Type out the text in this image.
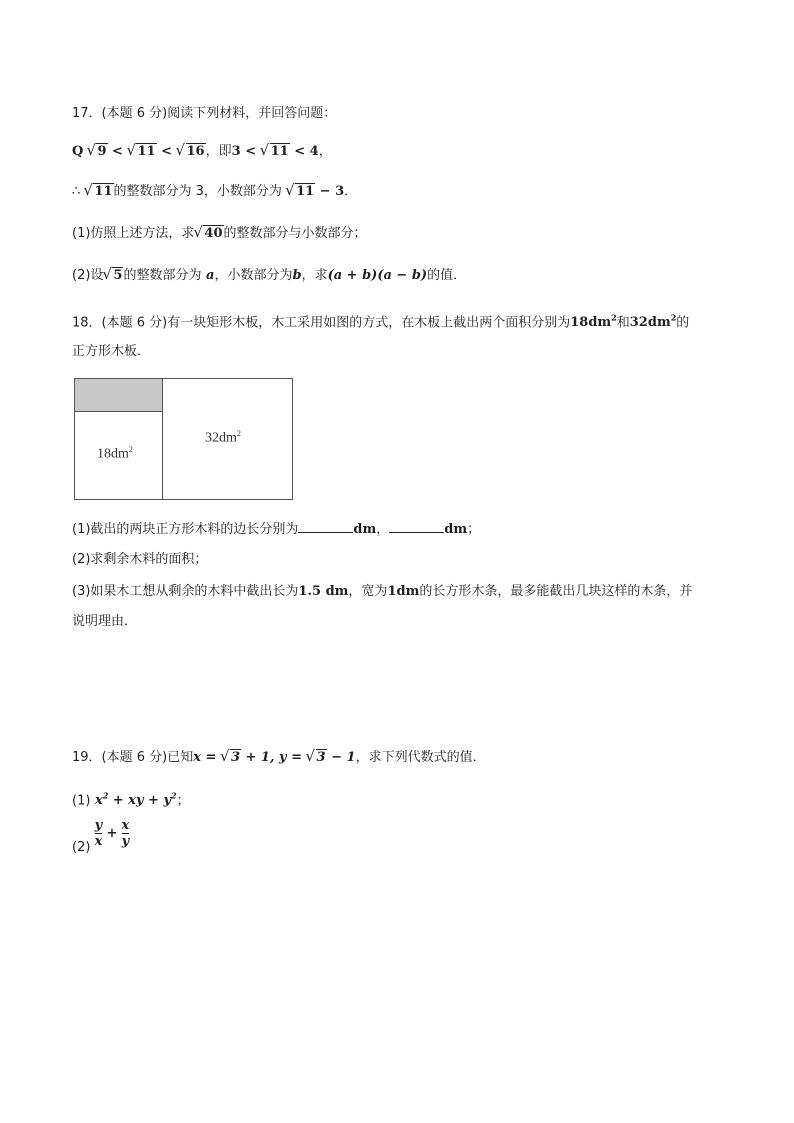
17．(本题 6 分)阅读下列材料，并回答问题：
Q √ 9 < √ 11 < √ 16，即3 < √ 11 < 4，
∴ √ 11的整数部分为 3，小数部分为 √ 11 − 3．
(1)仿照上述方法，求 √ 40的整数部分与小数部分；
(2)设 √ 5的整数部分为 a，小数部分为b，求(a + b)(a − b)的值．
18．(本题 6 分)有一块矩形木板，木工采用如图的方式，在木板上截出两个面积分别为$18dm^2$和$32dm^2$的
正方形木板．
$18dm^2$
$32dm^2$
(1)截出的两块正方形木料的边长分别为	dm，	dm；
(2)求剩余木料的面积；
(3)如果木工想从剩余的木料中截出长为1.5 dm，宽为1dm的长方形木条，最多能截出几块这样的木条，并
说明理由．
19．(本题 6 分)已知x = √ 3 + 1, y = √ 3 − 1，求下列代数式的值．
(1) $x^2$ + xy + $y^2$；
$(2) \frac{y}{x} + \frac{x}{y}$
